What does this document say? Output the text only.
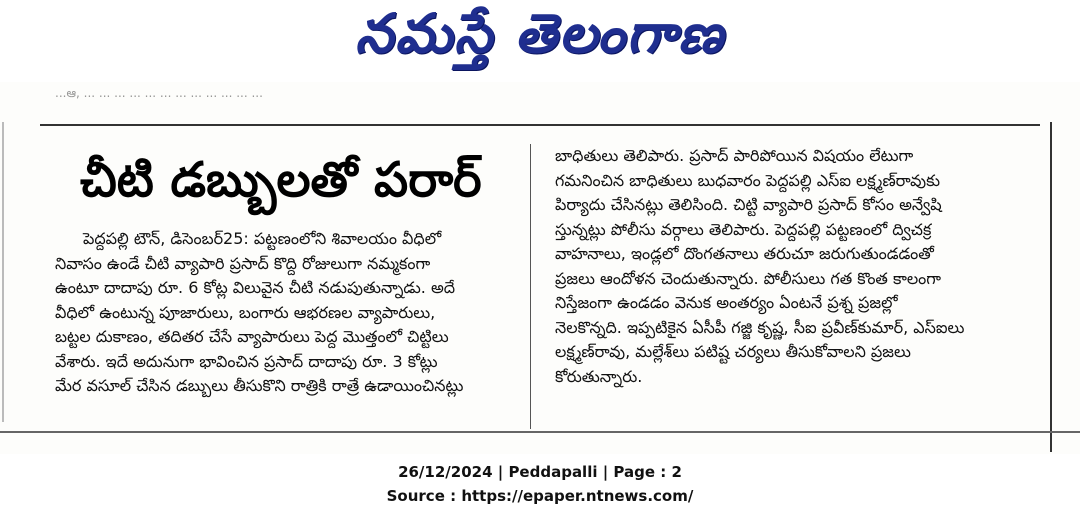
నమస్తే తెలంగాణ
...ఆ, ... ... ... ... ... ... ... ... ... ... ... ...
చీటి డబ్బులతో పరార్

పెద్దపల్లి టౌన్, డిసెంబర్25: పట్టణంలోని శివాలయం వీధిలో

నివాసం ఉండే చీటి వ్యాపారి ప్రసాద్ కొద్ది రోజులుగా నమ్మకంగా

ఉంటూ దాదాపు రూ. 6 కోట్ల విలువైన చీటి నడుపుతున్నాడు. అదే

వీధిలో ఉంటున్న పూజారులు, బంగారు ఆభరణల వ్యాపారులు,

బట్టల దుకాణం, తదితర చేసే వ్యాపారులు పెద్ద మొత్తంలో చిట్టిలు

వేశారు. ఇదే అదునుగా భావించిన ప్రసాద్ దాదాపు రూ. 3 కోట్లు

మేర వసూల్ చేసిన డబ్బులు తీసుకొని రాత్రికి రాత్రే ఉడాయించినట్లు

బాధితులు తెలిపారు. ప్రసాద్ పారిపోయిన విషయం లేటుగా

గమనించిన బాధితులు బుధవారం పెద్దపల్లి ఎస్ఐ లక్ష్మణ్‌రావుకు

పిర్యాదు చేసినట్లు తెలిసింది. చిట్టి వ్యాపారి ప్రసాద్ కోసం అన్వేషి

స్తున్నట్లు పోలీసు వర్గాలు తెలిపారు. పెద్దపల్లి పట్టణంలో ద్విచక్ర

వాహనాలు, ఇండ్లలో దొంగతనాలు తరుచూ జరుగుతుండడంతో

ప్రజలు ఆందోళన చెందుతున్నారు. పోలీసులు గత కొంత కాలంగా

నిస్తేజంగా ఉండడం వెనుక అంతర్యం ఏంటనే ప్రశ్న ప్రజల్లో

నెలకొన్నది. ఇప్పటికైన ఏసీపీ గజ్జి కృష్ణ, సీఐ ప్రవీణ్‌కుమార్, ఎస్ఐలు

లక్ష్మణ్‌రావు, మల్లేశ్‌లు పటిష్ట చర్యలు తీసుకోవాలని ప్రజలు

కోరుతున్నారు.

26/12/2024 | Peddapalli | Page : 2
Source : https://epaper.ntnews.com/
